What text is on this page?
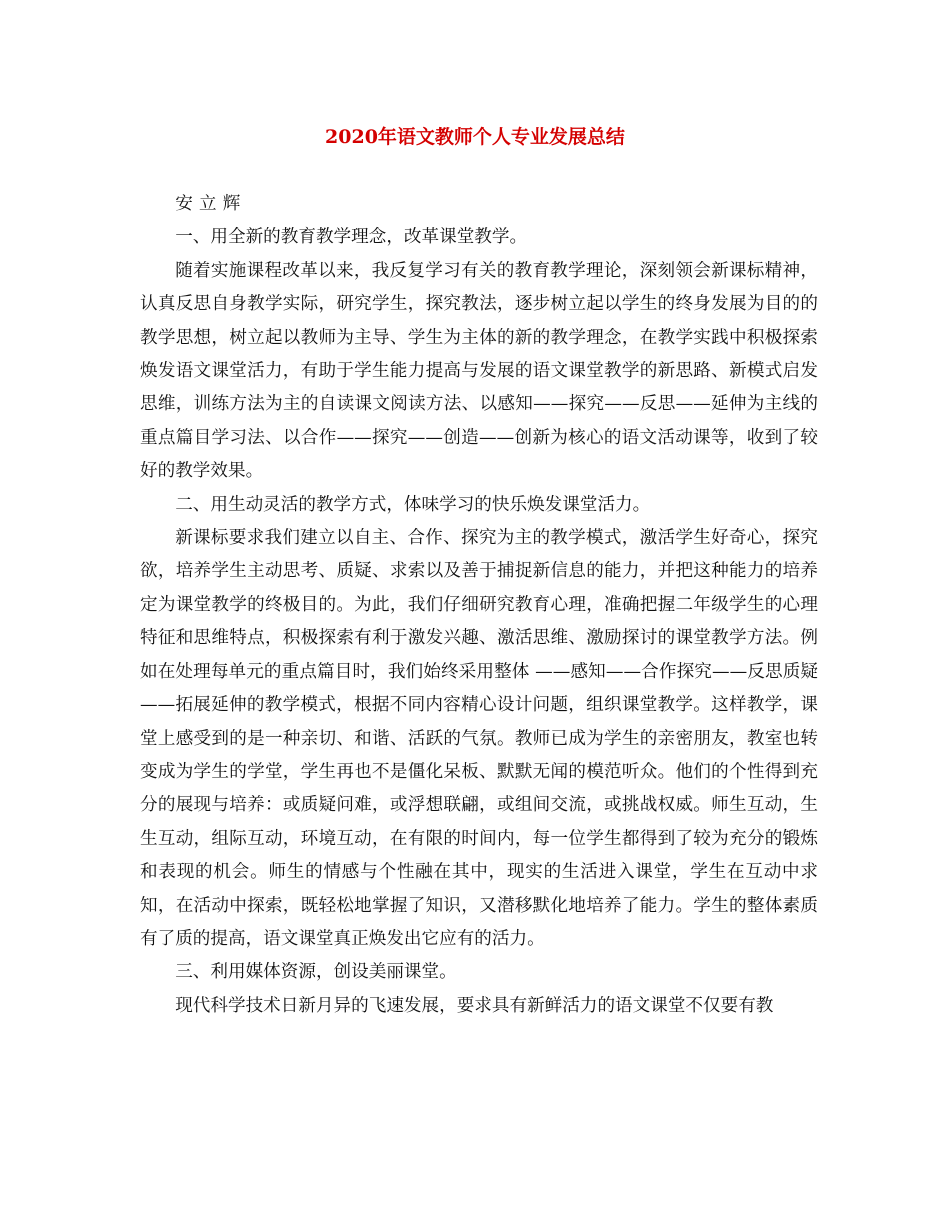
2020年语文教师个人专业发展总结

安立辉

一、用全新的教育教学理念，改革课堂教学。

随着实施课程改革以来，我反复学习有关的教育教学理论，深刻领会新课标精神，认真反思自身教学实际，研究学生，探究教法，逐步树立起以学生的终身发展为目的的教学思想，树立起以教师为主导、学生为主体的新的教学理念，在教学实践中积极探索焕发语文课堂活力，有助于学生能力提高与发展的语文课堂教学的新思路、新模式启发思维，训练方法为主的自读课文阅读方法、以感知——探究——反思——延伸为主线的重点篇目学习法、以合作——探究——创造——创新为核心的语文活动课等，收到了较好的教学效果。

二、用生动灵活的教学方式，体味学习的快乐焕发课堂活力。

新课标要求我们建立以自主、合作、探究为主的教学模式，激活学生好奇心，探究欲，培养学生主动思考、质疑、求索以及善于捕捉新信息的能力，并把这种能力的培养定为课堂教学的终极目的。为此，我们仔细研究教育心理，准确把握二年级学生的心理特征和思维特点，积极探索有利于激发兴趣、激活思维、激励探讨的课堂教学方法。例如在处理每单元的重点篇目时，我们始终采用整体 ——感知——合作探究——反思质疑——拓展延伸的教学模式，根据不同内容精心设计问题，组织课堂教学。这样教学，课堂上感受到的是一种亲切、和谐、活跃的气氛。教师已成为学生的亲密朋友，教室也转变成为学生的学堂，学生再也不是僵化呆板、默默无闻的模范听众。他们的个性得到充分的展现与培养：或质疑问难，或浮想联翩，或组间交流，或挑战权威。师生互动，生生互动，组际互动，环境互动，在有限的时间内，每一位学生都得到了较为充分的锻炼和表现的机会。师生的情感与个性融在其中，现实的生活进入课堂，学生在互动中求知，在活动中探索，既轻松地掌握了知识，又潜移默化地培养了能力。学生的整体素质有了质的提高，语文课堂真正焕发出它应有的活力。

三、利用媒体资源，创设美丽课堂。

现代科学技术日新月异的飞速发展，要求具有新鲜活力的语文课堂不仅要有教
